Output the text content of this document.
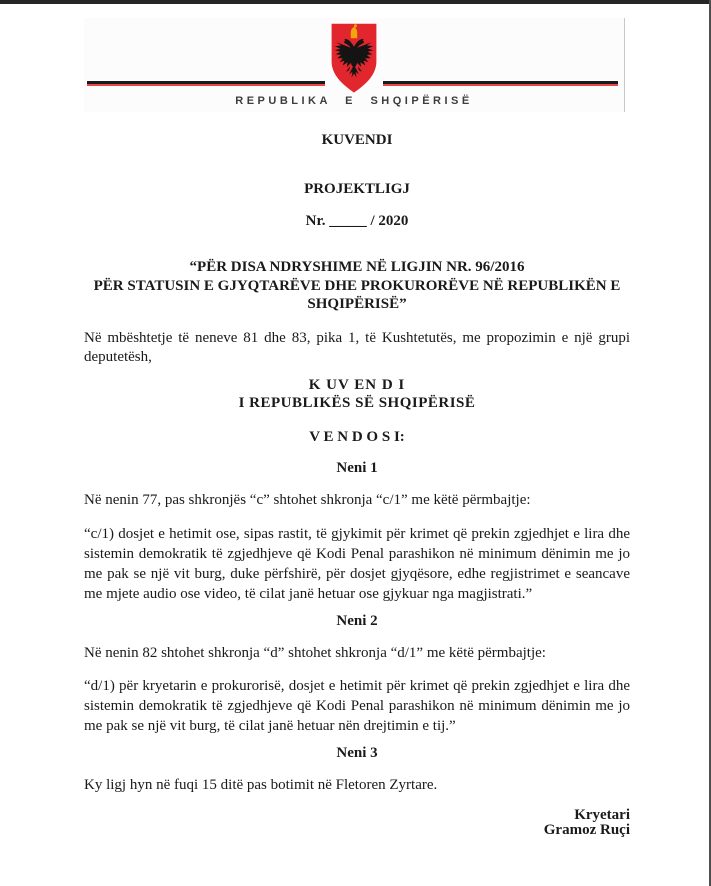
REPUBLIKA E SHQIPËRISË
KUVENDI
PROJEKTLIGJ
Nr. _____ / 2020
“PËR DISA NDRYSHIME NË LIGJIN NR. 96/2016
PËR STATUSIN E GJYQTARËVE DHE PROKURORËVE NË REPUBLIKËN E
SHQIPËRISË”
Në mbështetje të neneve 81 dhe 83, pika 1, të Kushtetutës, me propozimin e një grupi deputetësh,
K UV EN D I
I REPUBLIKËS SË SHQIPËRISË
V E N D O S I:
Neni 1
Në nenin 77, pas shkronjës “c” shtohet shkronja “c/1” me këtë përmbajtje:
“c/1) dosjet e hetimit ose, sipas rastit, të gjykimit për krimet që prekin zgjedhjet e lira dhe sistemin demokratik të zgjedhjeve që Kodi Penal parashikon në minimum dënimin me jo me pak se një vit burg, duke përfshirë, për dosjet gjyqësore, edhe regjistrimet e seancave me mjete audio ose video, të cilat janë hetuar ose gjykuar nga magjistrati.”
Neni 2
Në nenin 82 shtohet shkronja “d” shtohet shkronja “d/1” me këtë përmbajtje:
“d/1) për kryetarin e prokurorisë, dosjet e hetimit për krimet që prekin zgjedhjet e lira dhe sistemin demokratik të zgjedhjeve që Kodi Penal parashikon në minimum dënimin me jo me pak se një vit burg, të cilat janë hetuar nën drejtimin e tij.”
Neni 3
Ky ligj hyn në fuqi 15 ditë pas botimit në Fletoren Zyrtare.
Kryetari
Gramoz Ruçi
